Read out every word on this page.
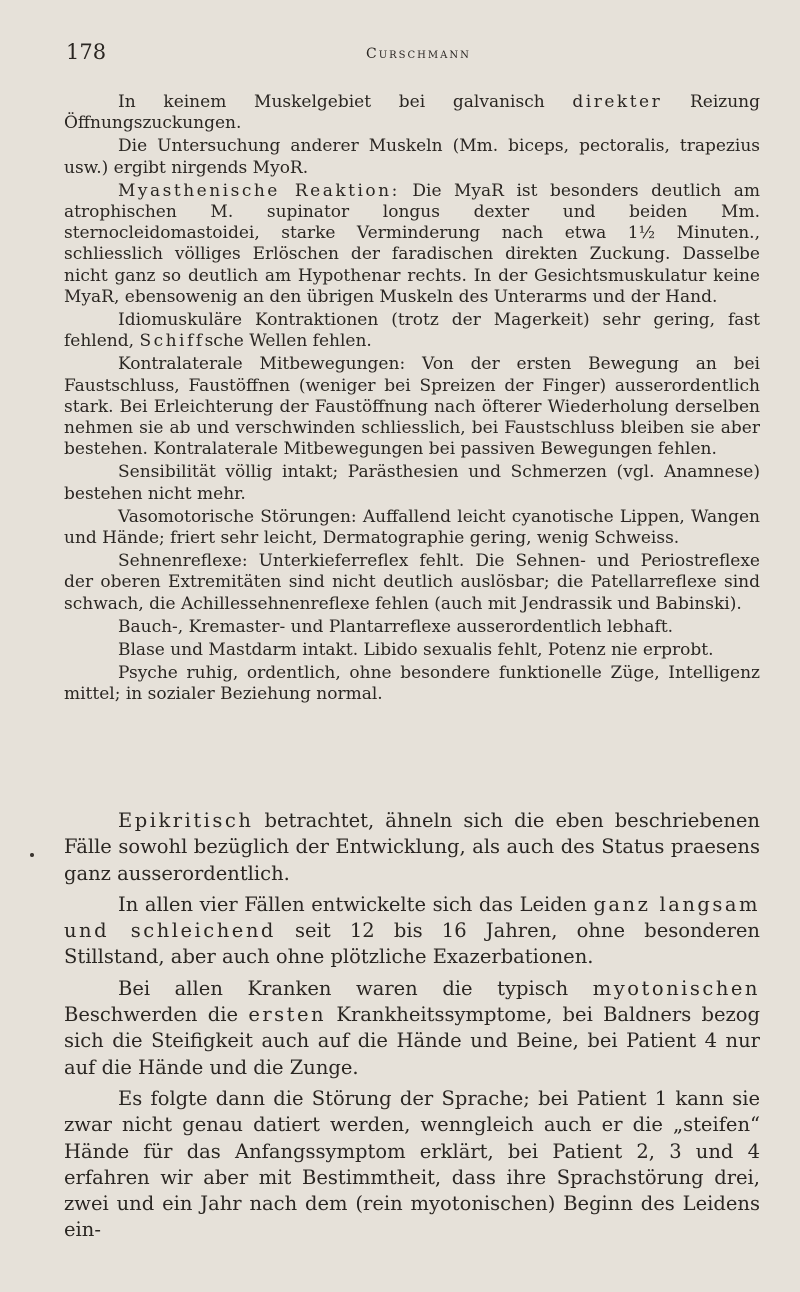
178	Curschmann

In keinem Muskelgebiet bei galvanisch direkter Reizung Öffnungszuckungen.

Die Untersuchung anderer Muskeln (Mm. biceps, pectoralis, trapezius usw.) ergibt nirgends MyoR.

Myasthenische Reaktion: Die MyaR ist besonders deutlich am atrophischen M. supinator longus dexter und beiden Mm. sternocleidomastoidei, starke Verminderung nach etwa 1½ Minuten., schliesslich völliges Erlöschen der faradischen direkten Zuckung. Dasselbe nicht ganz so deutlich am Hypothenar rechts. In der Gesichtsmuskulatur keine MyaR, ebensowenig an den übrigen Muskeln des Unterarms und der Hand.

Idiomuskuläre Kontraktionen (trotz der Magerkeit) sehr gering, fast fehlend, Schiffsche Wellen fehlen.

Kontralaterale Mitbewegungen: Von der ersten Bewegung an bei Faustschluss, Faustöffnen (weniger bei Spreizen der Finger) ausserordentlich stark. Bei Erleichterung der Faustöffnung nach öfterer Wiederholung derselben nehmen sie ab und verschwinden schliesslich, bei Faustschluss bleiben sie aber bestehen. Kontralaterale Mitbewegungen bei passiven Bewegungen fehlen.

Sensibilität völlig intakt; Parästhesien und Schmerzen (vgl. Anamnese) bestehen nicht mehr.

Vasomotorische Störungen: Auffallend leicht cyanotische Lippen, Wangen und Hände; friert sehr leicht, Dermatographie gering, wenig Schweiss.

Sehnenreflexe: Unterkieferreflex fehlt. Die Sehnen- und Periostreflexe der oberen Extremitäten sind nicht deutlich auslösbar; die Patellarreflexe sind schwach, die Achillessehnenreflexe fehlen (auch mit Jendrassik und Babinski).

Bauch-, Kremaster- und Plantarreflexe ausserordentlich lebhaft.

Blase und Mastdarm intakt. Libido sexualis fehlt, Potenz nie erprobt.

Psyche ruhig, ordentlich, ohne besondere funktionelle Züge, Intelligenz mittel; in sozialer Beziehung normal.

Epikritisch betrachtet, ähneln sich die eben beschriebenen Fälle sowohl bezüglich der Entwicklung, als auch des Status praesens ganz ausserordentlich.

In allen vier Fällen entwickelte sich das Leiden ganz langsam und schleichend seit 12 bis 16 Jahren, ohne besonderen Stillstand, aber auch ohne plötzliche Exazerbationen.

Bei allen Kranken waren die typisch myotonischen Beschwerden die ersten Krankheitssymptome, bei Baldners bezog sich die Steifigkeit auch auf die Hände und Beine, bei Patient 4 nur auf die Hände und die Zunge.

Es folgte dann die Störung der Sprache; bei Patient 1 kann sie zwar nicht genau datiert werden, wenngleich auch er die „steifen“ Hände für das Anfangssymptom erklärt, bei Patient 2, 3 und 4 erfahren wir aber mit Bestimmtheit, dass ihre Sprachstörung drei, zwei und ein Jahr nach dem (rein myotonischen) Beginn des Leidens ein-
